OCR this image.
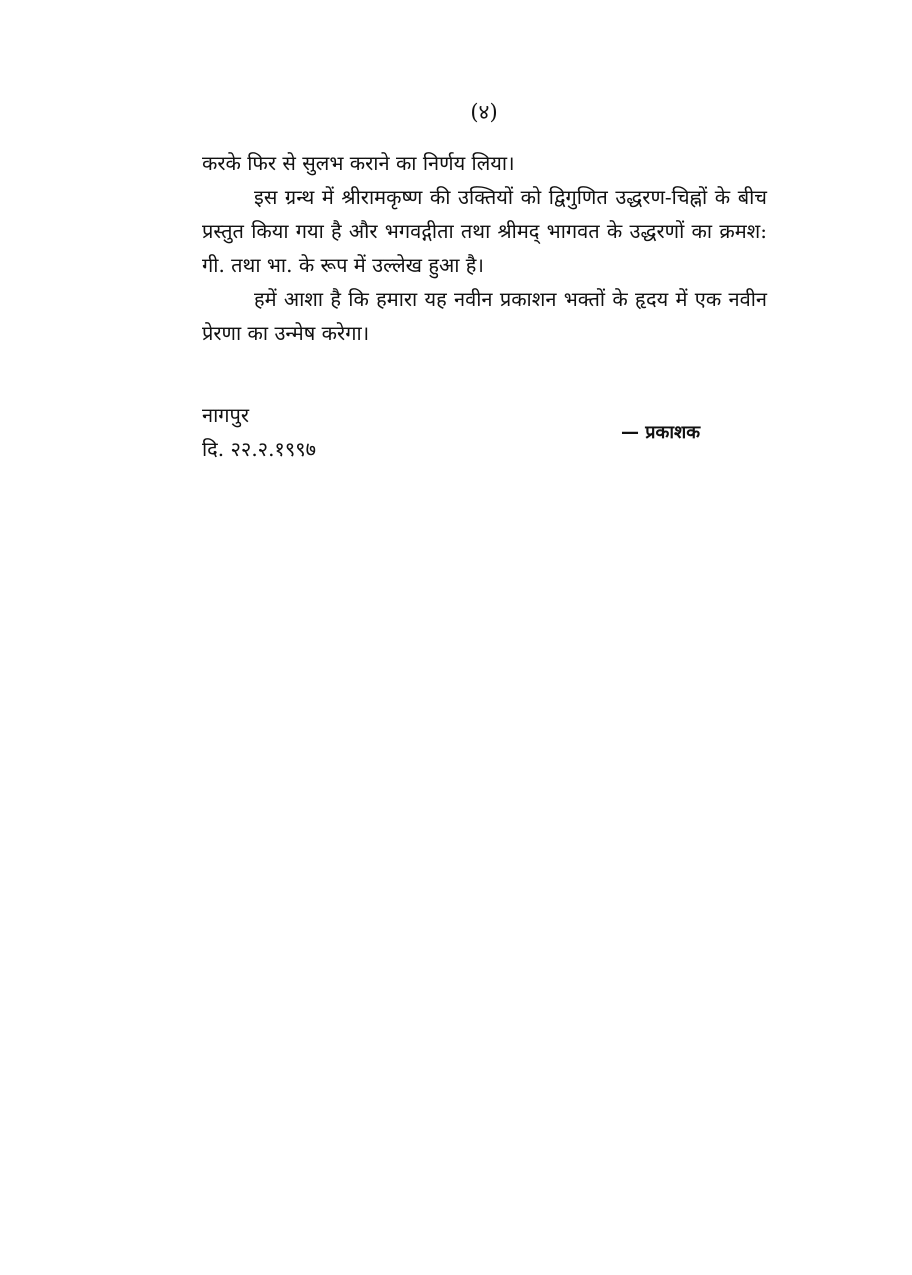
(४)

करके फिर से सुलभ कराने का निर्णय लिया।

इस ग्रन्थ में श्रीरामकृष्ण की उक्तियों को द्विगुणित उद्धरण-चिह्नों के बीच प्रस्तुत किया गया है और भगवद्गीता तथा श्रीमद् भागवत के उद्धरणों का क्रमश: गी. तथा भा. के रूप में उल्लेख हुआ है।

हमें आशा है कि हमारा यह नवीन प्रकाशन भक्तों के हृदय में एक नवीन प्रेरणा का उन्मेष करेगा।

नागपुर
दि. २२.२.१९९७
— प्रकाशक
